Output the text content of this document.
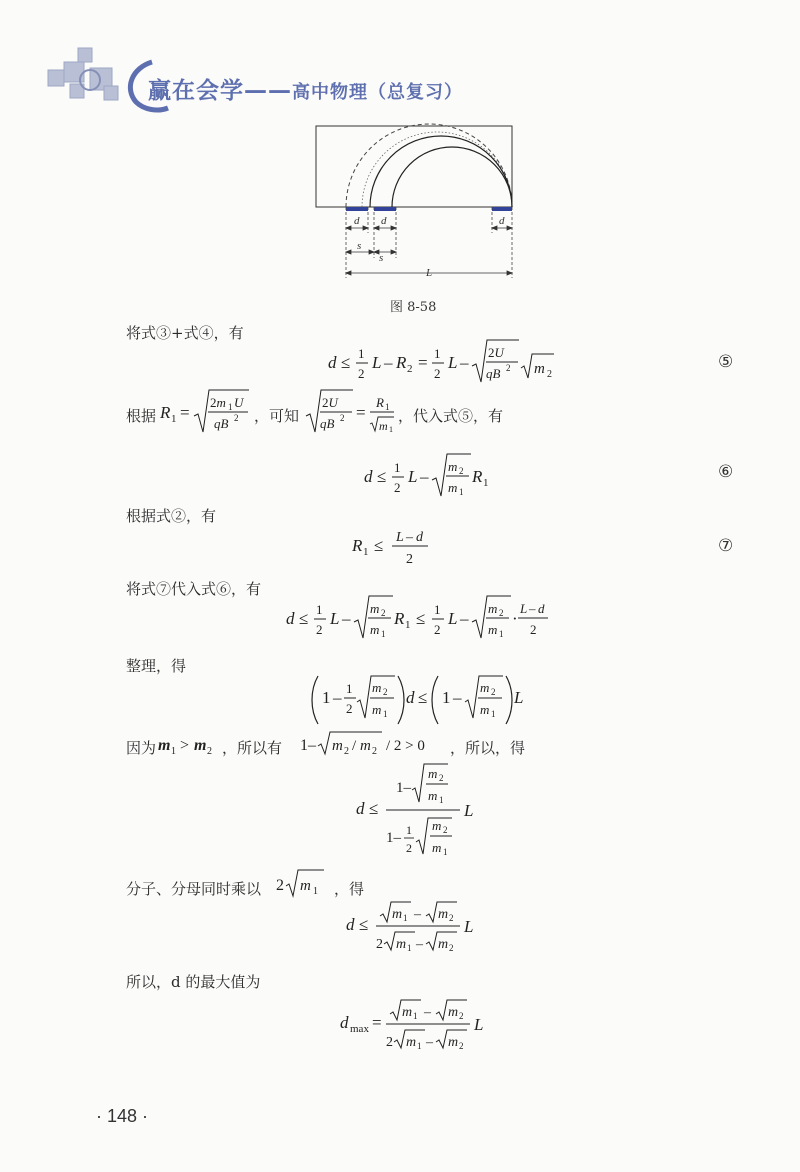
赢在会学——高中物理（总复习）
d d	d
s
s
L
图 8-58
将式③+式④，有
d ≤ 1
2
L – R 2 = 1
2
L –
2U
qB 2 m 2
⑤
根据 R 1 =
2m 1 U
qB 2 ，可知
2U
qB 2 =
R 1
m 1
，代入式⑤，有
d ≤ 1
2
L –
m 2
m 1
R 1
⑥
根据式②，有
R 1 ≤ L – d
2
⑦
将式⑦代入式⑥，有
d ≤ 1
2
L –
m 2
m 1
R 1 ≤ 1
2
L –
m 2
m 1
·
L – d
2
整理，得
1 – 1
2
m 2
m 1
d ≤ 1 –
m 2
m 1
L
因为 m 1 > m 2 ，所以有 1– m 2 / m 2 / 2 > 0 ，所以，得
d ≤
1–
m 2
m 1
1– 1
2
m 2
m 1
L
分子、分母同时乘以 2 m 1 ，得
d ≤
m 1 – m 2
2 m 1 – m 2
L
所以，d 的最大值为
d max =
m 1 – m 2
2 m 1 – m 2
L
· 148 ·
